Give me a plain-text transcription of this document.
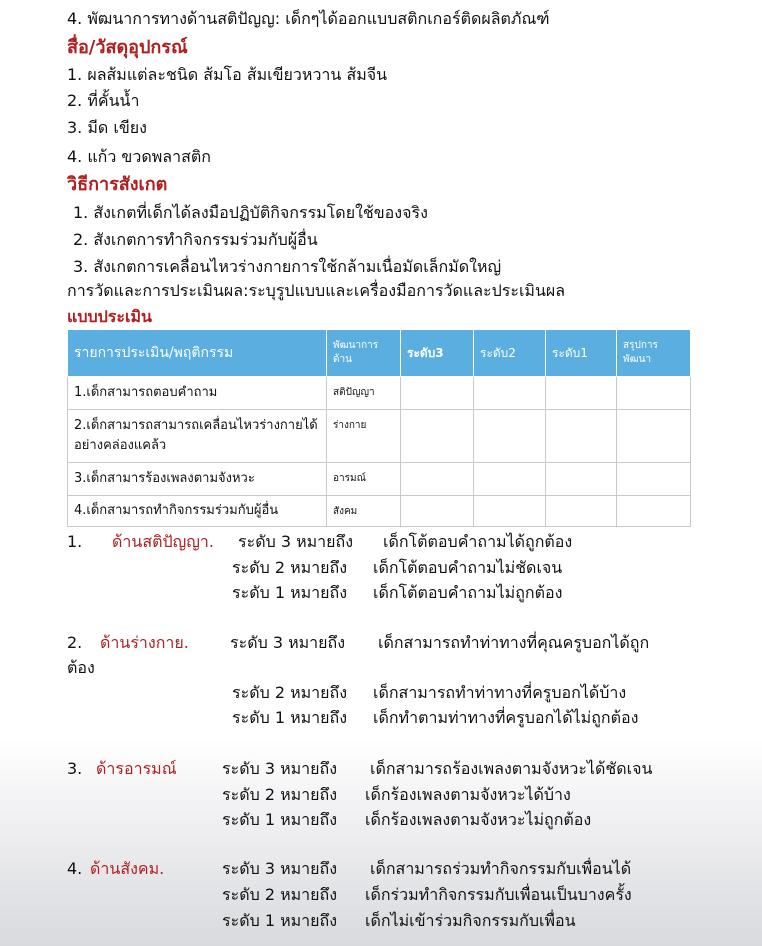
4. พัฒนาการทางด้านสติปัญญ: เด็กๆได้ออกแบบสติกเกอร์ติดผลิตภัณฑ์
สื่อ/วัสดุอุปกรณ์
1. ผลส้มแต่ละชนิด ส้มโอ ส้มเขียวหวาน ส้มจีน
2. ที่คั้นน้ำ
3. มีด เขียง
4. แก้ว ขวดพลาสติก
วิธีการสังเกต
1. สังเกตที่เด็กได้ลงมือปฏิบัติกิจกรรมโดยใช้ของจริง
2. สังเกตการทำกิจกรรมร่วมกับผู้อื่น
3. สังเกตการเคลื่อนไหวร่างกายการใช้กล้ามเนื่อมัดเล็กมัดใหญ่
การวัดและการประเมินผล:ระบุรูปแบบและเครื่องมือการวัดและประเมินผล
แบบประเมิน
รายการประเมิน/พฤติกรรม	พัฒนาการด้าน	ระดับ3	ระดับ2	ระดับ1	สรุปการพัฒนา
1.เด็กสามารถตอบคำถาม	สติปัญญา				
2.เด็กสามารถสามารถเคลื่อนไหวร่างกายได้อย่างคล่องแคล้ว	ร่างกาย				
3.เด็กสามารร้องเพลงตามจังหวะ	อารมณ์				
4.เด็กสามารถทำกิจกรรมร่วมกับผู้อื่น	สังคม				
1. ด้านสติปัญญา. ระดับ 3 หมายถึง เด็กโต้ตอบคำถามได้ถูกต้อง
ระดับ 2 หมายถึง เด็กโต้ตอบคำถามไม่ชัดเจน
ระดับ 1 หมายถึง เด็กโต้ตอบคำถามไม่ถูกต้อง
2. ด้านร่างกาย.	ระดับ 3 หมายถึง เด็กสามารถทำท่าทางที่คุณครูบอกได้ถูก
ต้อง
ระดับ 2 หมายถึง เด็กสามารถทำท่าทางที่ครูบอกได้บ้าง
ระดับ 1 หมายถึง เด็กทำตามท่าทางที่ครูบอกได้ไม่ถูกต้อง
3. ด้ารอารมณ์	ระดับ 3 หมายถึง เด็กสามารถร้องเพลงตามจังหวะได้ชัดเจน
ระดับ 2 หมายถึง เด็กร้องเพลงตามจังหวะได้บ้าง
ระดับ 1 หมายถึง เด็กร้องเพลงตามจังหวะไม่ถูกต้อง
4. ด้านสังคม.	ระดับ 3 หมายถึง เด็กสามารถร่วมทำกิจกรรมกับเพื่อนได้
ระดับ 2 หมายถึง เด็กร่วมทำกิจกรรมกับเพื่อนเป็นบางครั้ง
ระดับ 1 หมายถึง เด็กไม่เข้าร่วมกิจกรรมกับเพื่อน
